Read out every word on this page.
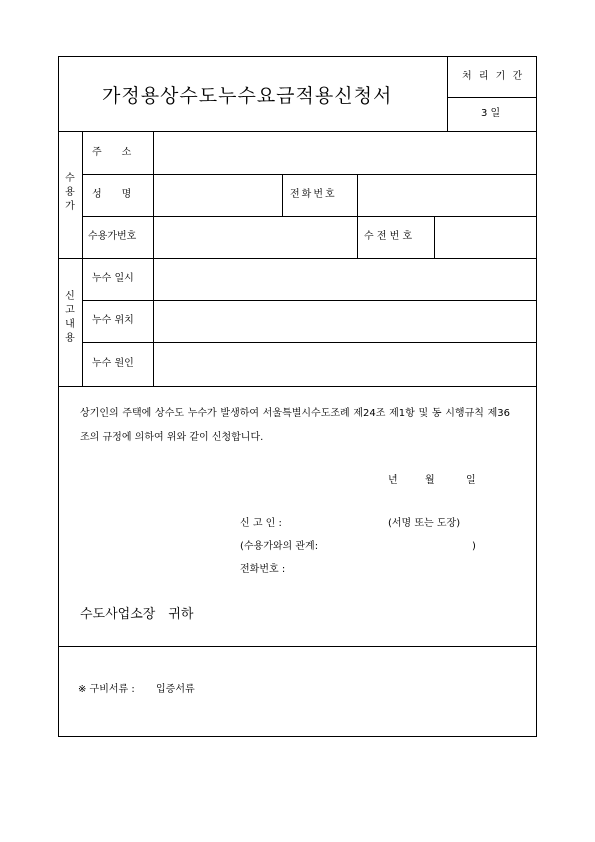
가정용상수도누수요금적용신청서
처 리 기 간
3 일
수
용
가
주　　소
성　　명	전화번호
수용가번호	수 전 번 호
신
고
내
용
누수 일시
누수 위치
누수 원인
상기인의 주택에 상수도 누수가 발생하여 서울특별시수도조례 제24조 제1항 및 동 시행규칙 제36조의 규정에 의하여 위와 같이 신청합니다.
년	월	일
신 고 인 :	(서명 또는 도장)
(수용가와의 관계:	)
전화번호 :
수도사업소장　귀하
※ 구비서류 : 입증서류
